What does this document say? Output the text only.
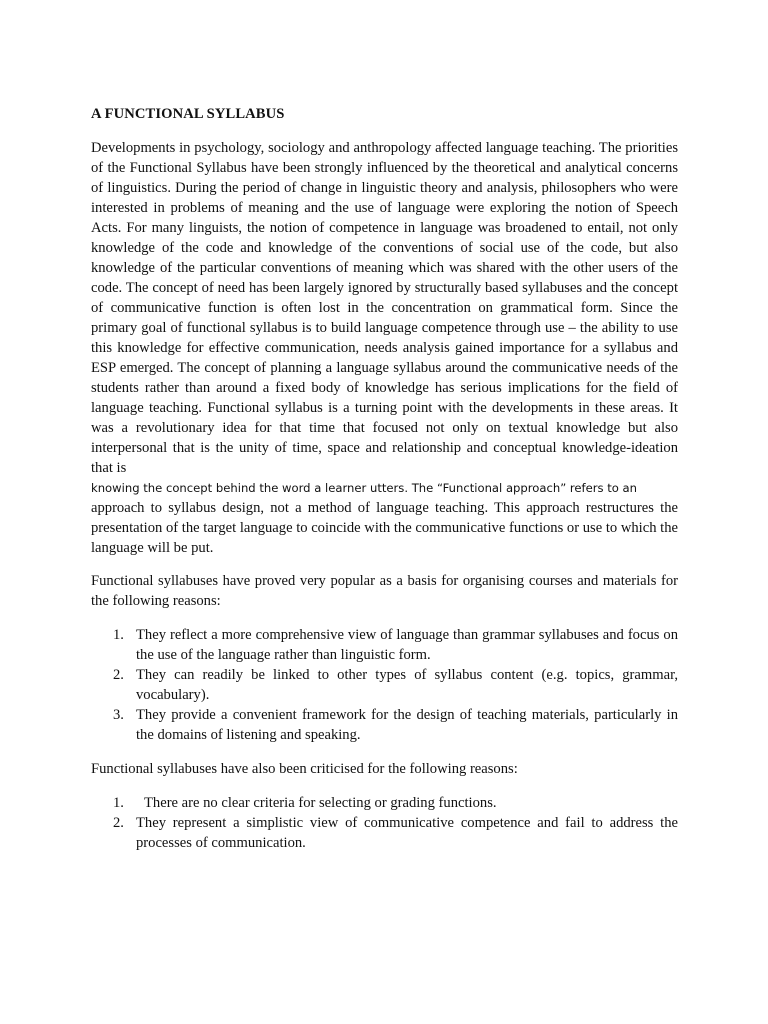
A FUNCTIONAL SYLLABUS

Developments in psychology, sociology and anthropology affected language teaching. The priorities of the Functional Syllabus have been strongly influenced by the theoretical and analytical concerns of linguistics. During the period of change in linguistic theory and analysis, philosophers who were interested in problems of meaning and the use of language were exploring the notion of Speech Acts. For many linguists, the notion of competence in language was broadened to entail, not only knowledge of the code and knowledge of the conventions of social use of the code, but also knowledge of the particular conventions of meaning which was shared with the other users of the code. The concept of need has been largely ignored by structurally based syllabuses and the concept of communicative function is often lost in the concentration on grammatical form. Since the primary goal of functional syllabus is to build language competence through use – the ability to use this knowledge for effective communication, needs analysis gained importance for a syllabus and ESP emerged. The concept of planning a language syllabus around the communicative needs of the students rather than around a fixed body of knowledge has serious implications for the field of language teaching. Functional syllabus is a turning point with the developments in these areas. It was a revolutionary idea for that time that focused not only on textual knowledge but also interpersonal that is the unity of time, space and relationship and conceptual knowledge-ideation that is

knowing the concept behind the word a learner utters. The “Functional approach” refers to an

approach to syllabus design, not a method of language teaching. This approach restructures the presentation of the target language to coincide with the communicative functions or use to which the language will be put.

Functional syllabuses have proved very popular as a basis for organising courses and materials for the following reasons:

1. They reflect a more comprehensive view of language than grammar syllabuses and focus on the use of the language rather than linguistic form.
2. They can readily be linked to other types of syllabus content (e.g. topics, grammar, vocabulary).
3. They provide a convenient framework for the design of teaching materials, particularly in the domains of listening and speaking.

Functional syllabuses have also been criticised for the following reasons:

1. There are no clear criteria for selecting or grading functions.
2. They represent a simplistic view of communicative competence and fail to address the processes of communication.
